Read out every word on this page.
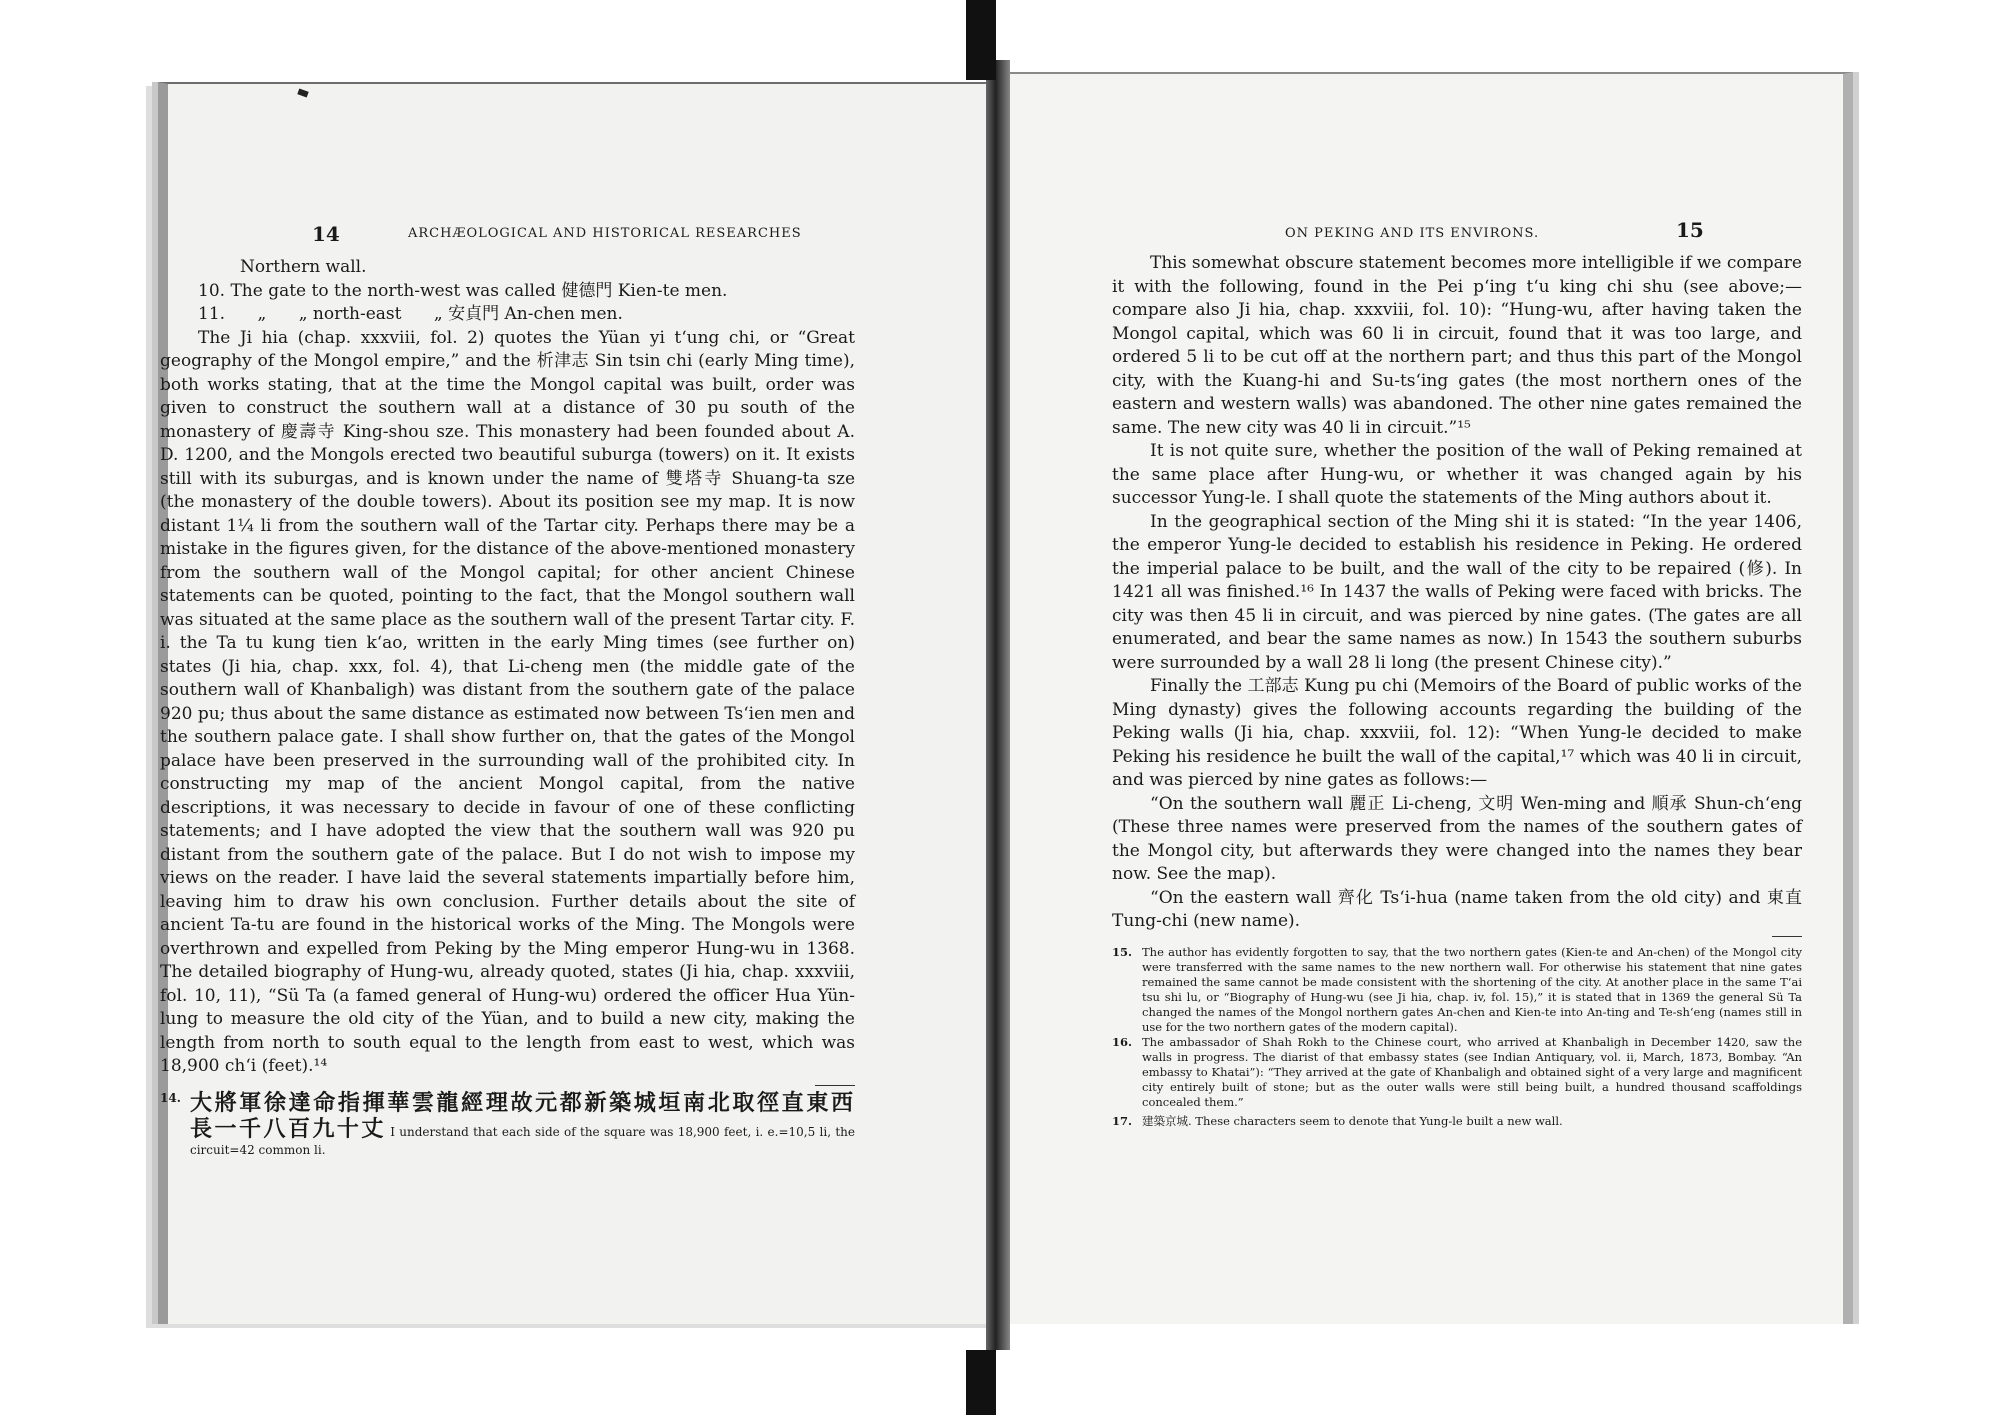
14	ARCHÆOLOGICAL AND HISTORICAL RESEARCHES

Northern wall.

10. The gate to the north-west was called 健德門 Kien-te men.

11.      „      „ north-east      „ 安貞門 An-chen men.

The Ji hia (chap. xxxviii, fol. 2) quotes the Yüan yi tʻung chi, or “Great geography of the Mongol empire,” and the 析津志 Sin tsin chi (early Ming time), both works stating, that at the time the Mongol capital was built, order was given to construct the southern wall at a distance of 30 pu south of the monastery of 慶壽寺 King-shou sze. This monastery had been founded about A. D. 1200, and the Mongols erected two beautiful suburga (towers) on it. It exists still with its suburgas, and is known under the name of 雙塔寺 Shuang-ta sze (the monastery of the double towers). About its position see my map. It is now distant 1¼ li from the southern wall of the Tartar city. Perhaps there may be a mistake in the figures given, for the distance of the above-mentioned monastery from the southern wall of the Mongol capital; for other ancient Chinese statements can be quoted, pointing to the fact, that the Mongol southern wall was situated at the same place as the southern wall of the present Tartar city. F. i. the Ta tu kung tien kʻao, written in the early Ming times (see further on) states (Ji hia, chap. xxx, fol. 4), that Li-cheng men (the middle gate of the southern wall of Khanbaligh) was distant from the southern gate of the palace 920 pu; thus about the same distance as estimated now between Tsʻien men and the southern palace gate. I shall show further on, that the gates of the Mongol palace have been preserved in the surrounding wall of the prohibited city. In constructing my map of the ancient Mongol capital, from the native descriptions, it was necessary to decide in favour of one of these conflicting statements; and I have adopted the view that the southern wall was 920 pu distant from the southern gate of the palace. But I do not wish to impose my views on the reader. I have laid the several statements impartially before him, leaving him to draw his own conclusion. Further details about the site of ancient Ta-tu are found in the historical works of the Ming. The Mongols were overthrown and expelled from Peking by the Ming emperor Hung-wu in 1368. The detailed biography of Hung-wu, already quoted, states (Ji hia, chap. xxxviii, fol. 10, 11), “Sü Ta (a famed general of Hung-wu) ordered the officer Hua Yün-lung to measure the old city of the Yüan, and to build a new city, making the length from north to south equal to the length from east to west, which was 18,900 chʻi (feet).¹⁴

14. 大將軍徐達命指揮華雲龍經理故元都新築城垣南北取徑直東西長一千八百九十丈 I understand that each side of the square was 18,900 feet, i. e.=10,5 li, the circuit=42 common li.
ON PEKING AND ITS ENVIRONS.	15

This somewhat obscure statement becomes more intelligible if we compare it with the following, found in the Pei pʻing tʻu king chi shu (see above;—compare also Ji hia, chap. xxxviii, fol. 10): “Hung-wu, after having taken the Mongol capital, which was 60 li in circuit, found that it was too large, and ordered 5 li to be cut off at the northern part; and thus this part of the Mongol city, with the Kuang-hi and Su-tsʻing gates (the most northern ones of the eastern and western walls) was abandoned. The other nine gates remained the same. The new city was 40 li in circuit.”¹⁵

It is not quite sure, whether the position of the wall of Peking remained at the same place after Hung-wu, or whether it was changed again by his successor Yung-le. I shall quote the statements of the Ming authors about it.

In the geographical section of the Ming shi it is stated: “In the year 1406, the emperor Yung-le decided to establish his residence in Peking. He ordered the imperial palace to be built, and the wall of the city to be repaired (修). In 1421 all was finished.¹⁶ In 1437 the walls of Peking were faced with bricks. The city was then 45 li in circuit, and was pierced by nine gates. (The gates are all enumerated, and bear the same names as now.) In 1543 the southern suburbs were surrounded by a wall 28 li long (the present Chinese city).”

Finally the 工部志 Kung pu chi (Memoirs of the Board of public works of the Ming dynasty) gives the following accounts regarding the building of the Peking walls (Ji hia, chap. xxxviii, fol. 12): “When Yung-le decided to make Peking his residence he built the wall of the capital,¹⁷ which was 40 li in circuit, and was pierced by nine gates as follows:—

“On the southern wall 麗正 Li-cheng, 文明 Wen-ming and 順承 Shun-chʻeng (These three names were preserved from the names of the southern gates of the Mongol city, but afterwards they were changed into the names they bear now. See the map).

“On the eastern wall 齊化 Tsʻi-hua (name taken from the old city) and 東直 Tung-chi (new name).

15. The author has evidently forgotten to say, that the two northern gates (Kien-te and An-chen) of the Mongol city were transferred with the same names to the new northern wall. For otherwise his statement that nine gates remained the same cannot be made consistent with the shortening of the city. At another place in the same Tʻai tsu shi lu, or “Biography of Hung-wu (see Ji hia, chap. iv, fol. 15),” it is stated that in 1369 the general Sü Ta changed the names of the Mongol northern gates An-chen and Kien-te into An-ting and Te-shʻeng (names still in use for the two northern gates of the modern capital).
16. The ambassador of Shah Rokh to the Chinese court, who arrived at Khanbaligh in December 1420, saw the walls in progress. The diarist of that embassy states (see Indian Antiquary, vol. ii, March, 1873, Bombay. “An embassy to Khatai”): “They arrived at the gate of Khanbaligh and obtained sight of a very large and magnificent city entirely built of stone; but as the outer walls were still being built, a hundred thousand scaffoldings concealed them.”
17. 建築京城. These characters seem to denote that Yung-le built a new wall.
